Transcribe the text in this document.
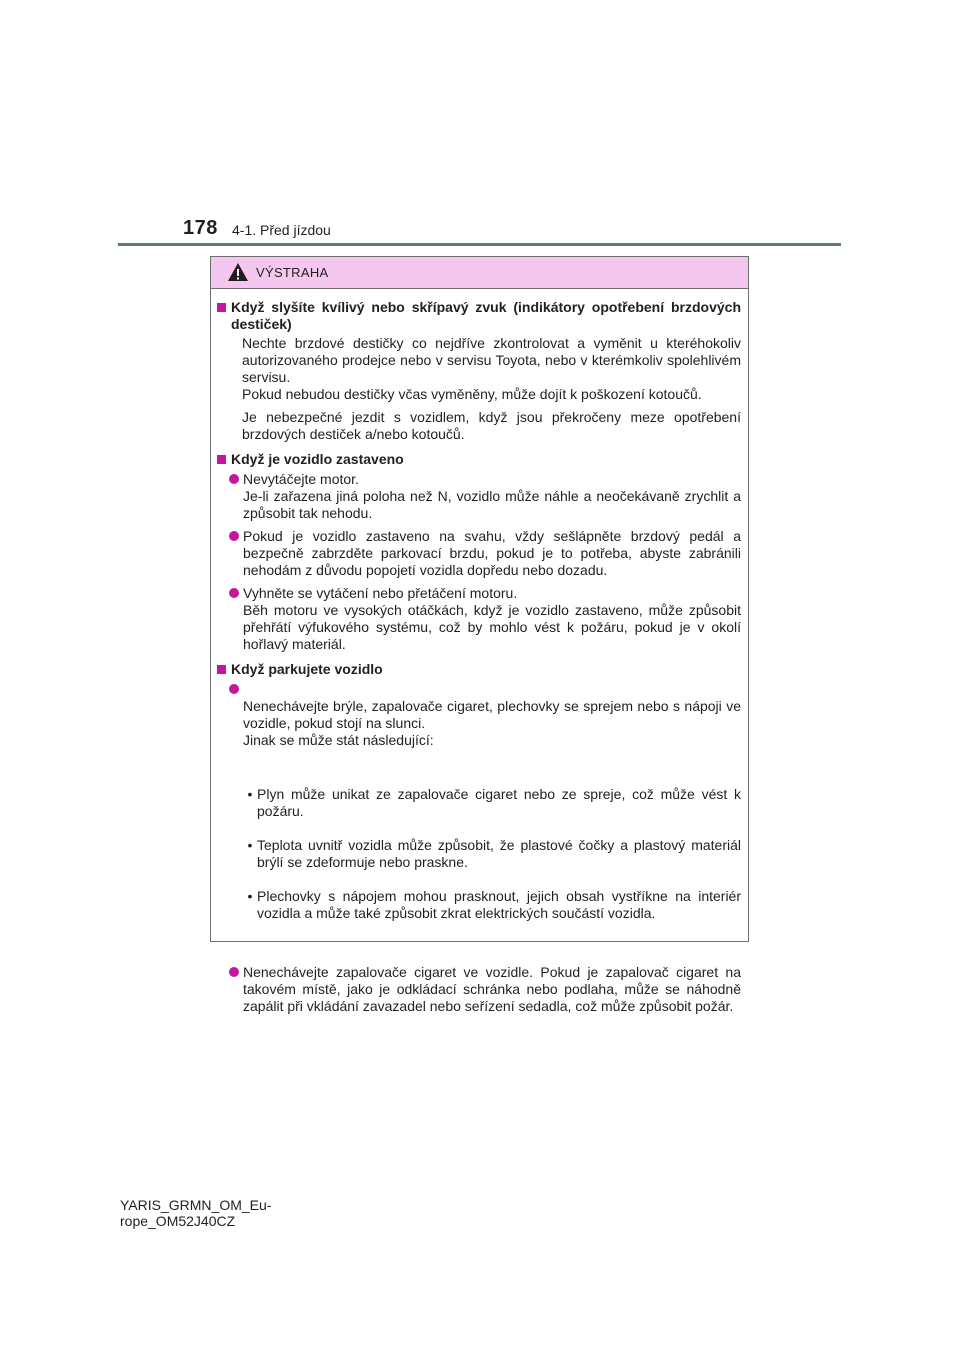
178 4-1. Před jízdou
VÝSTRAHA
Když slyšíte kvílivý nebo skřípavý zvuk (indikátory opotřebení brzdových destiček)
Nechte brzdové destičky co nejdříve zkontrolovat a vyměnit u kteréhokoliv autorizovaného prodejce nebo v servisu Toyota, nebo v kterémkoliv spolehlivém servisu.
Pokud nebudou destičky včas vyměněny, může dojít k poškození kotoučů.
Je nebezpečné jezdit s vozidlem, když jsou překročeny meze opotřebení brzdových destiček a/nebo kotoučů.
Když je vozidlo zastaveno
Nevytáčejte motor.
Je-li zařazena jiná poloha než N, vozidlo může náhle a neočekávaně zrychlit a způsobit tak nehodu.
Pokud je vozidlo zastaveno na svahu, vždy sešlápněte brzdový pedál a bezpečně zabrzděte parkovací brzdu, pokud je to potřeba, abyste zabránili nehodám z důvodu popojetí vozidla dopředu nebo dozadu.
Vyhněte se vytáčení nebo přetáčení motoru.
Běh motoru ve vysokých otáčkách, když je vozidlo zastaveno, může způsobit přehřátí výfukového systému, což by mohlo vést k požáru, pokud je v okolí hořlavý materiál.
Když parkujete vozidlo

Nenechávejte brýle, zapalovače cigaret, plechovky se sprejem nebo s nápoji ve vozidle, pokud stojí na slunci.
Jinak se může stát následující:

• Plyn může unikat ze zapalovače cigaret nebo ze spreje, což může vést k požáru.

• Teplota uvnitř vozidla může způsobit, že plastové čočky a plastový materiál brýlí se zdeformuje nebo praskne.

• Plechovky s nápojem mohou prasknout, jejich obsah vystříkne na interiér vozidla a může také způsobit zkrat elektrických součástí vozidla.

Nenechávejte zapalovače cigaret ve vozidle. Pokud je zapalovač cigaret na takovém místě, jako je odkládací schránka nebo podlaha, může se náhodně zapálit při vkládání zavazadel nebo seřízení sedadla, což může způsobit požár.
YARIS_GRMN_OM_Eu-
rope_OM52J40CZ
